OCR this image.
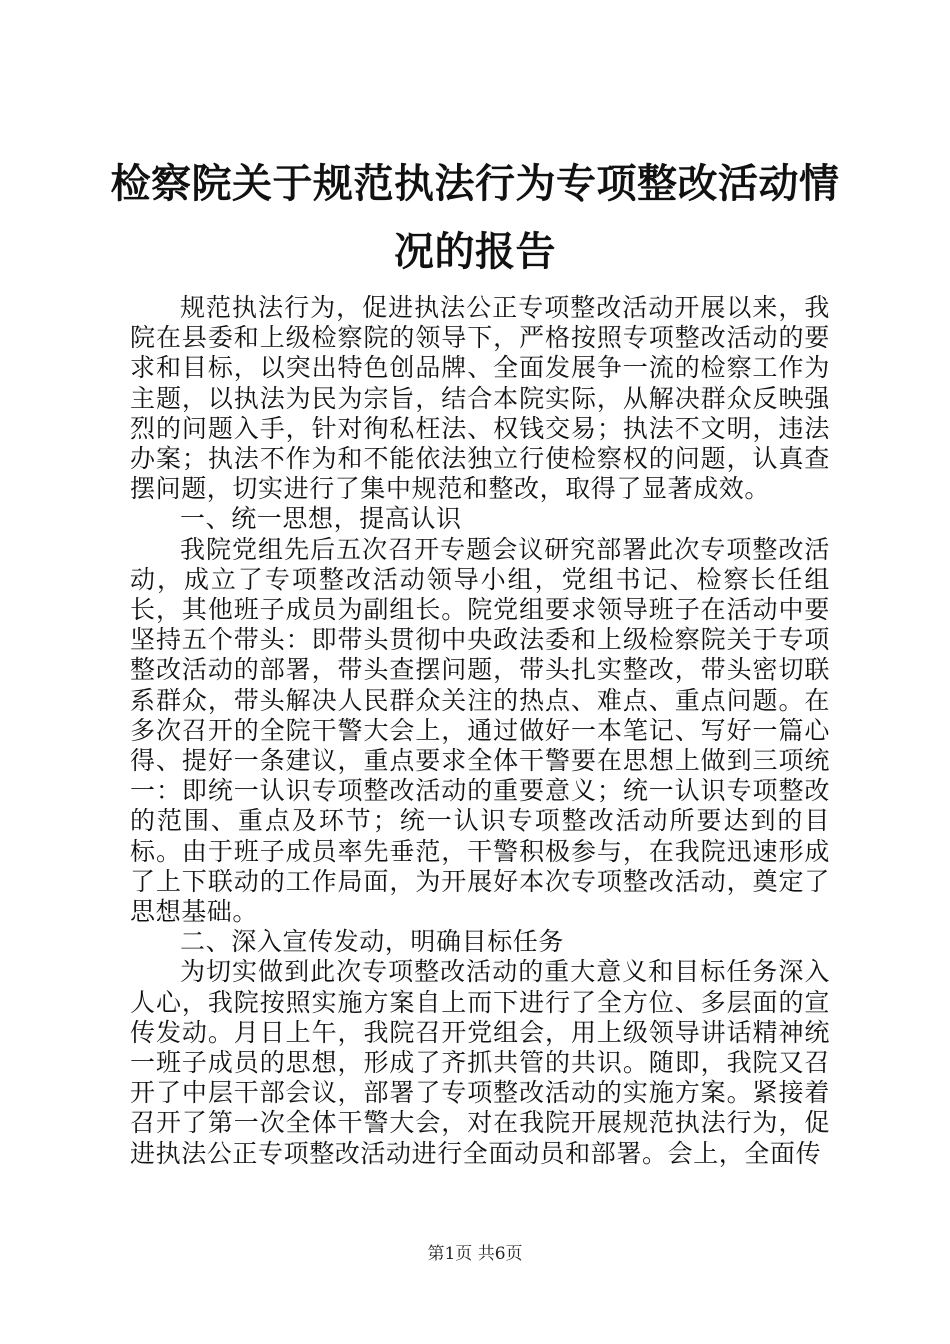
检察院关于规范执法行为专项整改活动情况的报告

规范执法行为，促进执法公正专项整改活动开展以来，我院在县委和上级检察院的领导下，严格按照专项整改活动的要求和目标，以突出特色创品牌、全面发展争一流的检察工作为主题，以执法为民为宗旨，结合本院实际，从解决群众反映强烈的问题入手，针对徇私枉法、权钱交易；执法不文明，违法办案；执法不作为和不能依法独立行使检察权的问题，认真查摆问题，切实进行了集中规范和整改，取得了显著成效。

一、统一思想，提高认识

我院党组先后五次召开专题会议研究部署此次专项整改活动，成立了专项整改活动领导小组，党组书记、检察长任组长，其他班子成员为副组长。院党组要求领导班子在活动中要坚持五个带头：即带头贯彻中央政法委和上级检察院关于专项整改活动的部署，带头查摆问题，带头扎实整改，带头密切联系群众，带头解决人民群众关注的热点、难点、重点问题。在多次召开的全院干警大会上，通过做好一本笔记、写好一篇心得、提好一条建议，重点要求全体干警要在思想上做到三项统一：即统一认识专项整改活动的重要意义；统一认识专项整改的范围、重点及环节；统一认识专项整改活动所要达到的目标。由于班子成员率先垂范，干警积极参与，在我院迅速形成了上下联动的工作局面，为开展好本次专项整改活动，奠定了思想基础。

二、深入宣传发动，明确目标任务

为切实做到此次专项整改活动的重大意义和目标任务深入人心，我院按照实施方案自上而下进行了全方位、多层面的宣传发动。月日上午，我院召开党组会，用上级领导讲话精神统一班子成员的思想，形成了齐抓共管的共识。随即，我院又召开了中层干部会议，部署了专项整改活动的实施方案。紧接着召开了第一次全体干警大会，对在我院开展规范执法行为，促进执法公正专项整改活动进行全面动员和部署。会上，全面传

第1页 共6页
